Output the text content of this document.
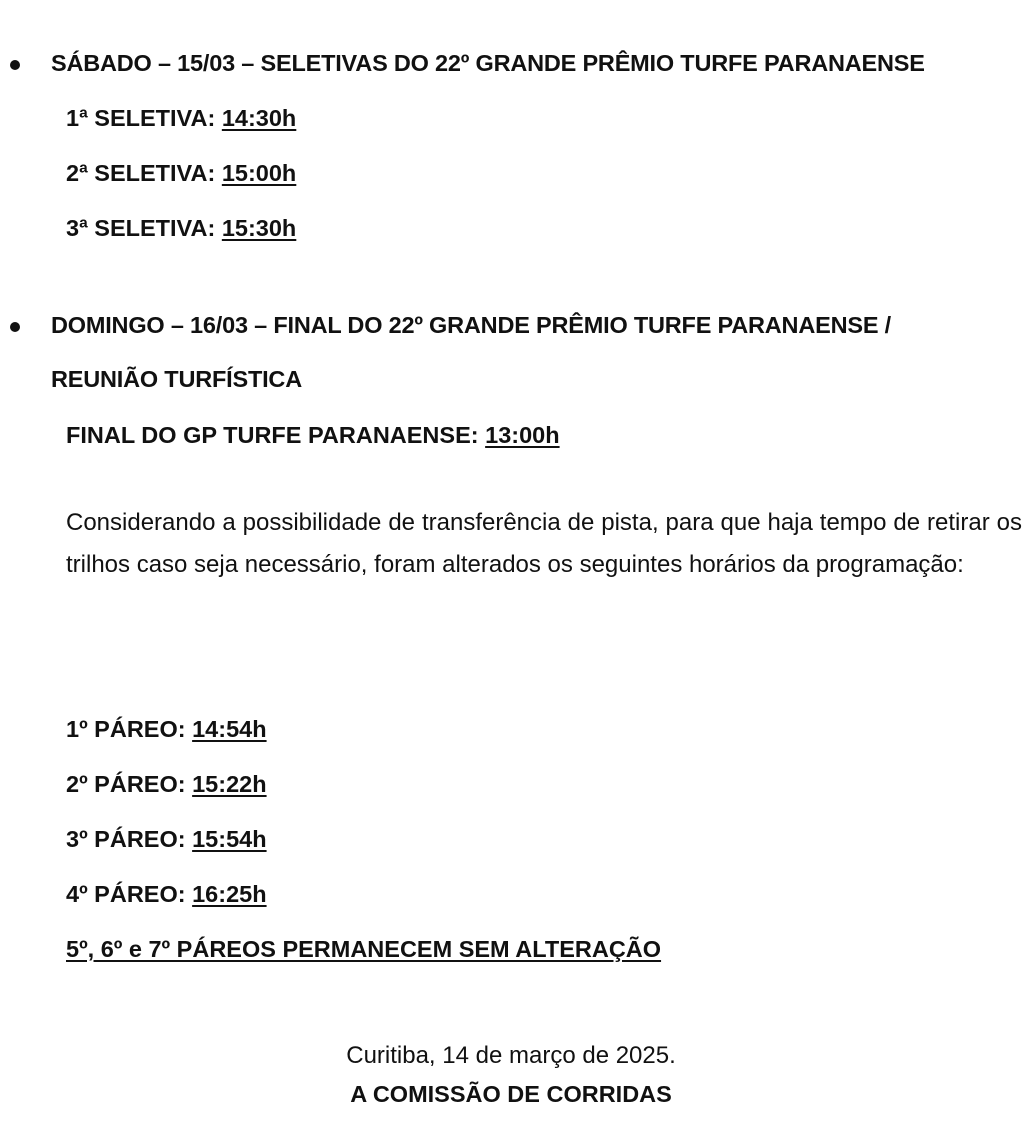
SÁBADO – 15/03 – SELETIVAS DO 22º GRANDE PRÊMIO TURFE PARANAENSE
1ª SELETIVA: 14:30h
2ª SELETIVA: 15:00h
3ª SELETIVA: 15:30h
DOMINGO – 16/03 – FINAL DO 22º GRANDE PRÊMIO TURFE PARANAENSE /
REUNIÃO TURFÍSTICA
FINAL DO GP TURFE PARANAENSE: 13:00h
Considerando a possibilidade de transferência de pista, para que haja tempo de retirar os trilhos caso seja necessário, foram alterados os seguintes horários da programação:
1º PÁREO: 14:54h
2º PÁREO: 15:22h
3º PÁREO: 15:54h
4º PÁREO: 16:25h
5º, 6º e 7º PÁREOS PERMANECEM SEM ALTERAÇÃO
Curitiba, 14 de março de 2025.
A COMISSÃO DE CORRIDAS
